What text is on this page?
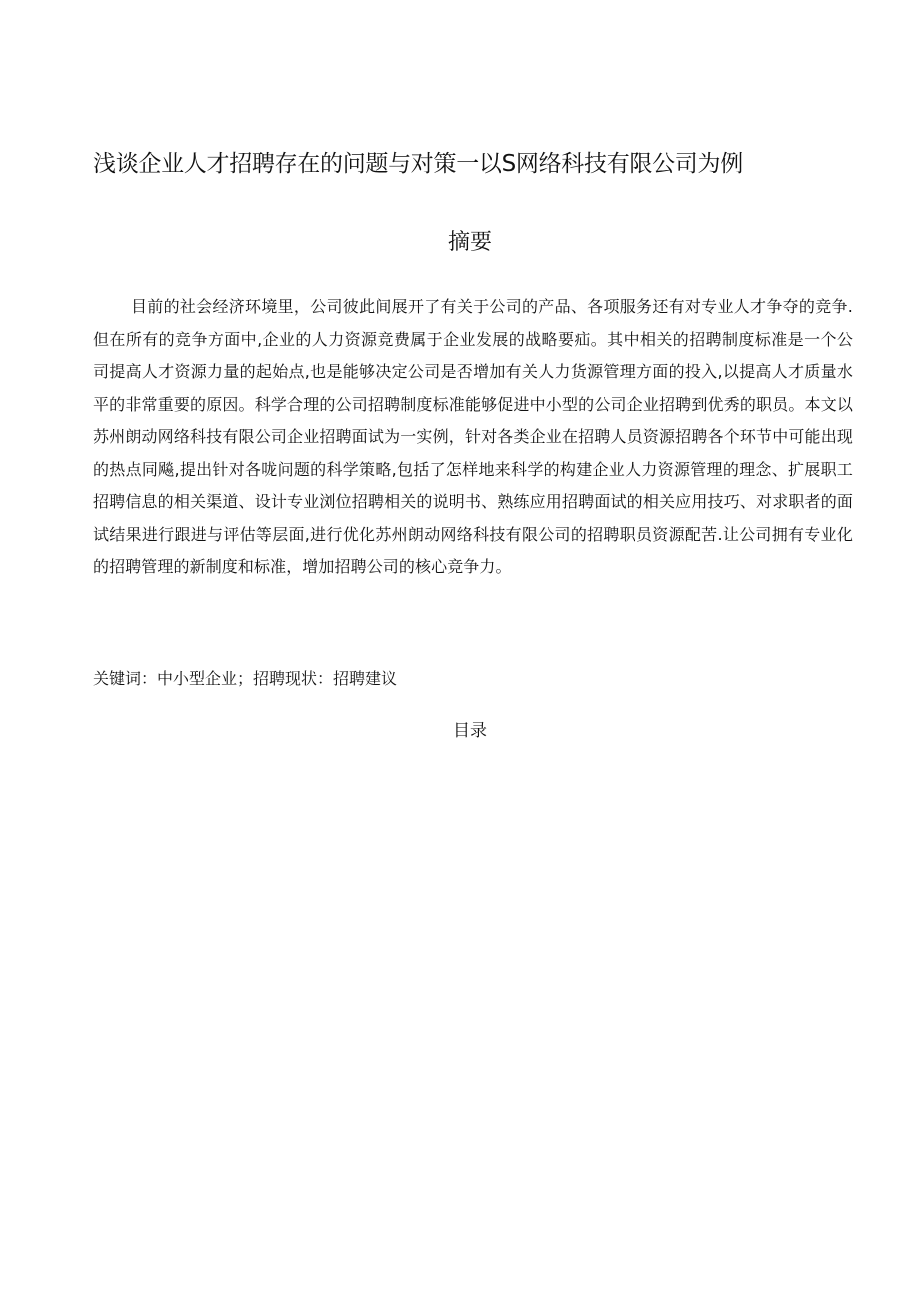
浅谈企业人才招聘存在的问题与对策一以S网络科技有限公司为例
摘要

目前的社会经济环境里，公司彼此间展开了有关于公司的产品、各项服务还有对专业人才争夺的竞争.但在所有的竞争方面中,企业的人力资源竞费属于企业发展的战略要疝。其中相关的招聘制度标准是一个公司提高人才资源力量的起始点,也是能够决定公司是否增加有关人力货源管理方面的投入,以提高人才质量水平的非常重要的原因。科学合理的公司招聘制度标准能够促进中小型的公司企业招聘到优秀的职员。本文以苏州朗动网络科技有限公司企业招聘面试为一实例，针对各类企业在招聘人员资源招聘各个环节中可能出现的热点同飚,提出针对各咙问题的科学策略,包括了怎样地来科学的构建企业人力资源管理的理念、扩展职工招聘信息的相关渠道、设计专业浏位招聘相关的说明书、熟练应用招聘面试的相关应用技巧、对求职者的面试结果进行跟进与评估等层面,进行优化苏州朗动网络科技有限公司的招聘职员资源配苦.让公司拥有专业化的招聘管理的新制度和标准，增加招聘公司的核心竞争力。

关键词：中小型企业；招聘现状：招聘建议
目录
